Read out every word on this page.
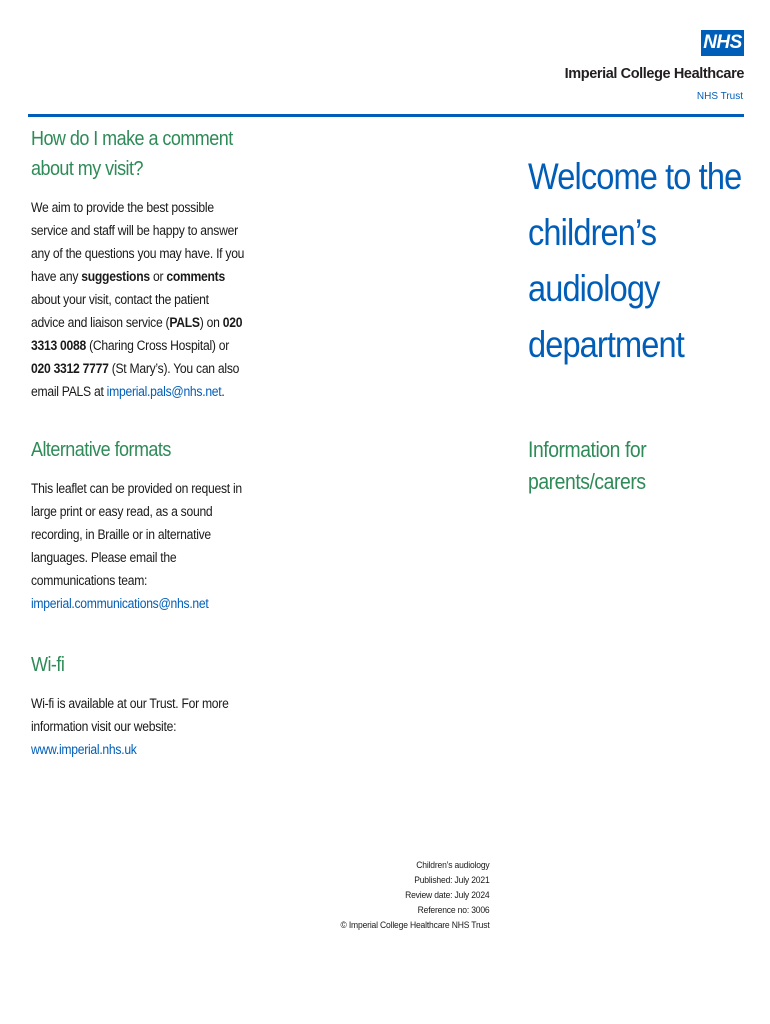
NHS
Imperial College Healthcare
NHS Trust
How do I make a comment
about my visit?
We aim to provide the best possible service and staff will be happy to answer any of the questions you may have. If you have any suggestions or comments about your visit, contact the patient advice and liaison service (PALS) on 020 3313 0088 (Charing Cross Hospital) or 020 3312 7777 (St Mary’s). You can also email PALS at imperial.pals@nhs.net.
Alternative formats
This leaflet can be provided on request in large print or easy read, as a sound recording, in Braille or in alternative languages. Please email the communications team: imperial.communications@nhs.net
Wi-fi
Wi-fi is available at our Trust. For more information visit our website: www.imperial.nhs.uk
Welcome to the
children’s
audiology
department
Information for
parents/carers
Children’s audiology
Published: July 2021
Review date: July 2024
Reference no: 3006
© Imperial College Healthcare NHS Trust
